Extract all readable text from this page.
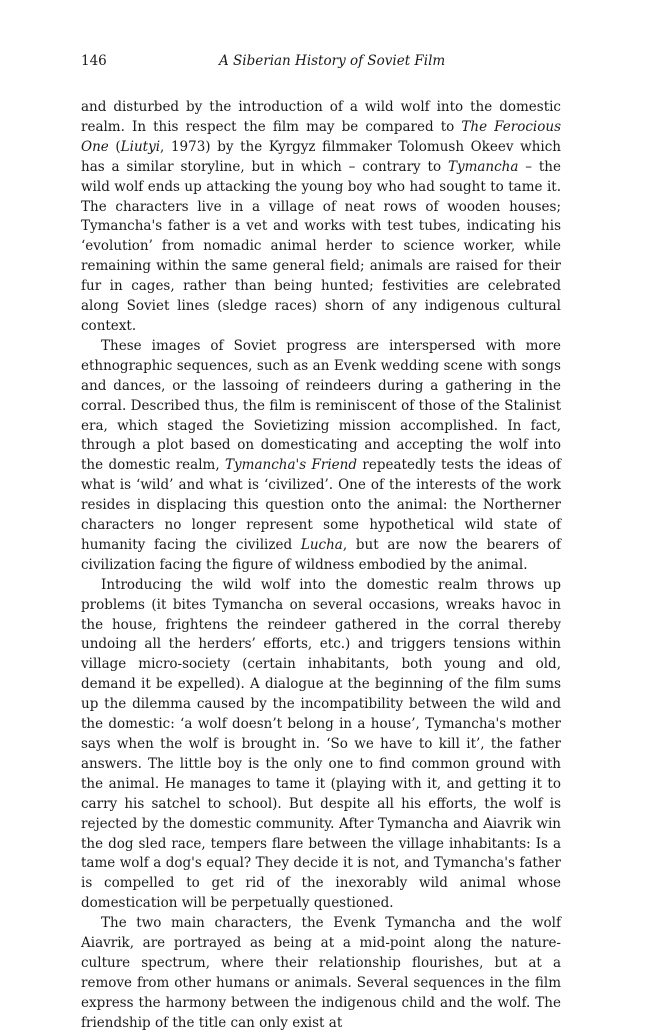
146	A Siberian History of Soviet Film

and disturbed by the introduction of a wild wolf into the domestic realm. In this respect the film may be compared to The Ferocious One (Liutyi, 1973) by the Kyrgyz filmmaker Tolomush Okeev which has a similar storyline, but in which – contrary to Tymancha – the wild wolf ends up attacking the young boy who had sought to tame it. The characters live in a village of neat rows of wooden houses; Tymancha's father is a vet and works with test tubes, indicating his ‘evolution’ from nomadic animal herder to science worker, while remaining within the same general field; animals are raised for their fur in cages, rather than being hunted; festivities are celebrated along Soviet lines (sledge races) shorn of any indigenous cultural context.

These images of Soviet progress are interspersed with more ethnographic sequences, such as an Evenk wedding scene with songs and dances, or the lassoing of reindeers during a gathering in the corral. Described thus, the film is reminiscent of those of the Stalinist era, which staged the Sovietizing mission accomplished. In fact, through a plot based on domesticating and accepting the wolf into the domestic realm, Tymancha's Friend repeatedly tests the ideas of what is ‘wild’ and what is ‘civilized’. One of the interests of the work resides in displacing this question onto the animal: the Northerner characters no longer represent some hypothetical wild state of humanity facing the civilized Lucha, but are now the bearers of civilization facing the figure of wildness embodied by the animal.

Introducing the wild wolf into the domestic realm throws up problems (it bites Tymancha on several occasions, wreaks havoc in the house, frightens the reindeer gathered in the corral thereby undoing all the herders’ efforts, etc.) and triggers tensions within village micro-society (certain inhabitants, both young and old, demand it be expelled). A dialogue at the beginning of the film sums up the dilemma caused by the incompatibility between the wild and the domestic: ‘a wolf doesn’t belong in a house’, Tymancha's mother says when the wolf is brought in. ‘So we have to kill it’, the father answers. The little boy is the only one to find common ground with the animal. He manages to tame it (playing with it, and getting it to carry his satchel to school). But despite all his efforts, the wolf is rejected by the domestic community. After Tymancha and Aiavrik win the dog sled race, tempers flare between the village inhabitants: Is a tame wolf a dog's equal? They decide it is not, and Tymancha's father is compelled to get rid of the inexorably wild animal whose domestication will be perpetually questioned.

The two main characters, the Evenk Tymancha and the wolf Aiavrik, are portrayed as being at a mid-point along the nature-culture spectrum, where their relationship flourishes, but at a remove from other humans or animals. Several sequences in the film express the harmony between the indigenous child and the wolf. The friendship of the title can only exist at
